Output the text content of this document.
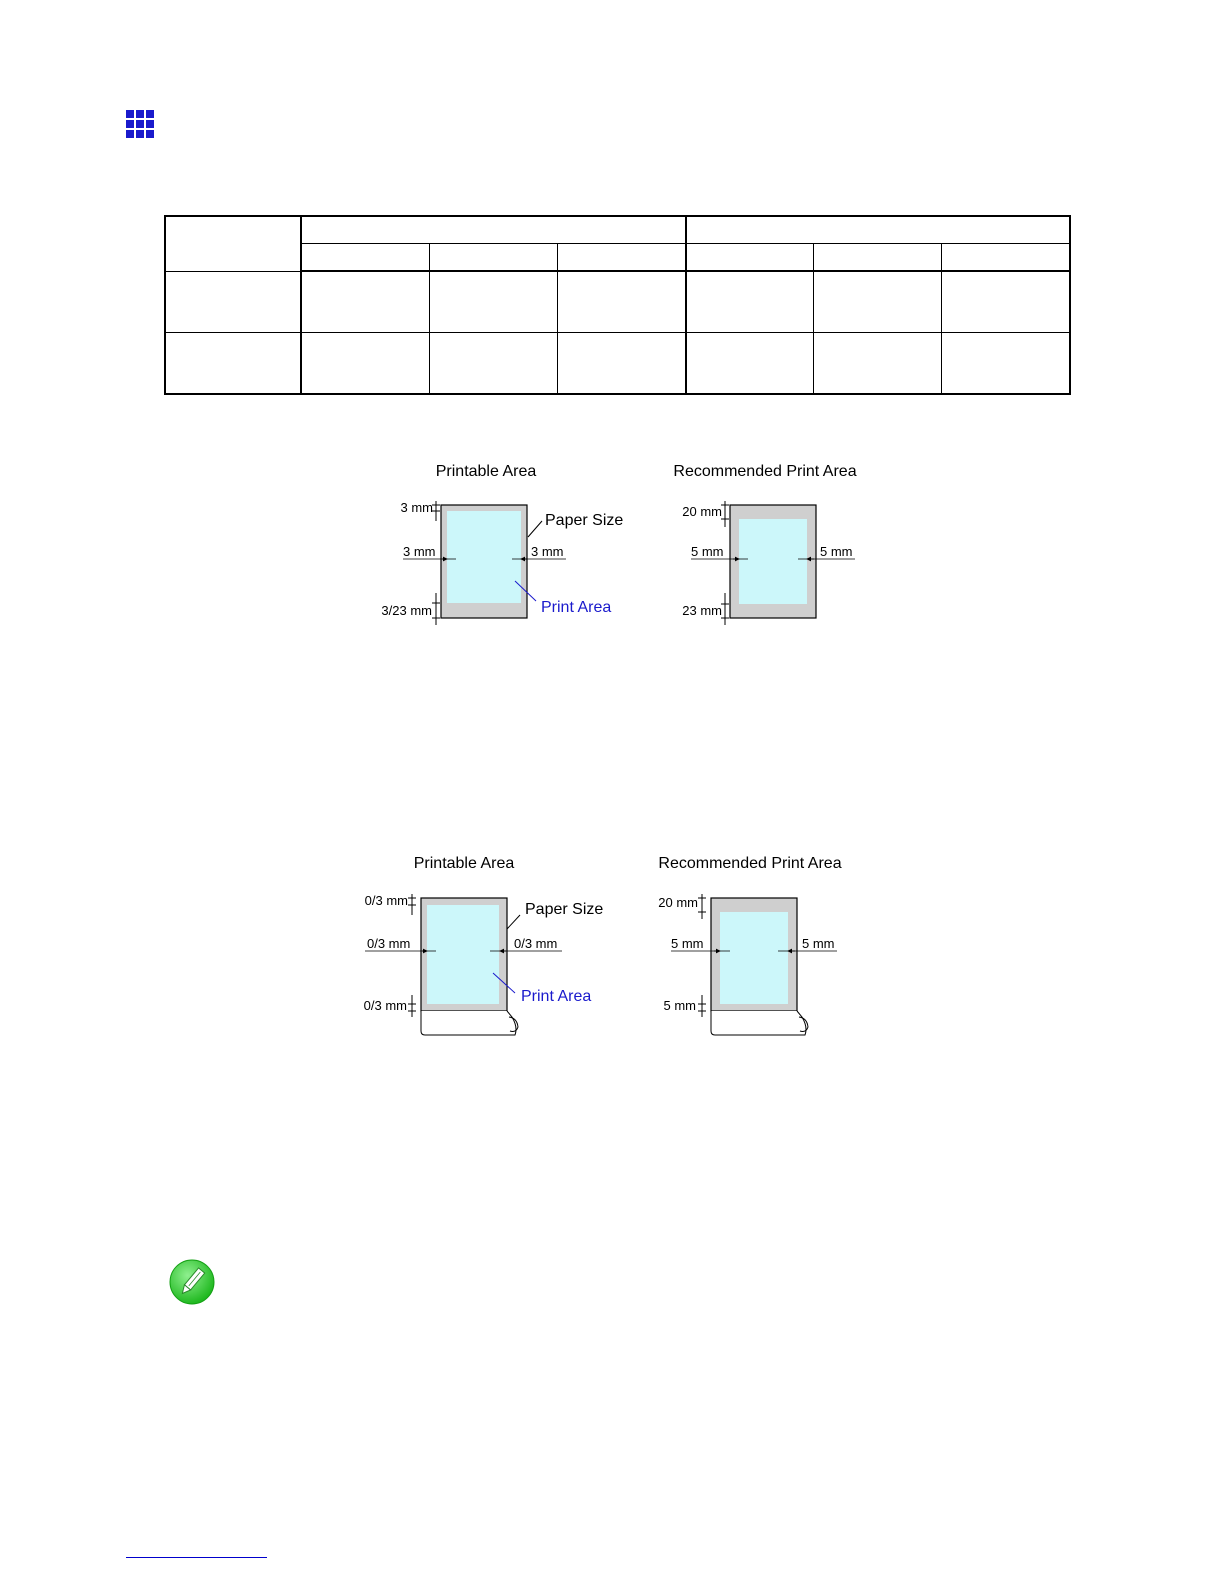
Printable Area
3 mm
3 mm	3 mm
3/23 mm
Paper Size
Print Area
Recommended Print Area
20 mm
5 mm	5 mm
23 mm
Printable Area
0/3 mm
0/3 mm	0/3 mm
0/3 mm
Paper Size
Print Area
Recommended Print Area
20 mm
5 mm	5 mm
5 mm
